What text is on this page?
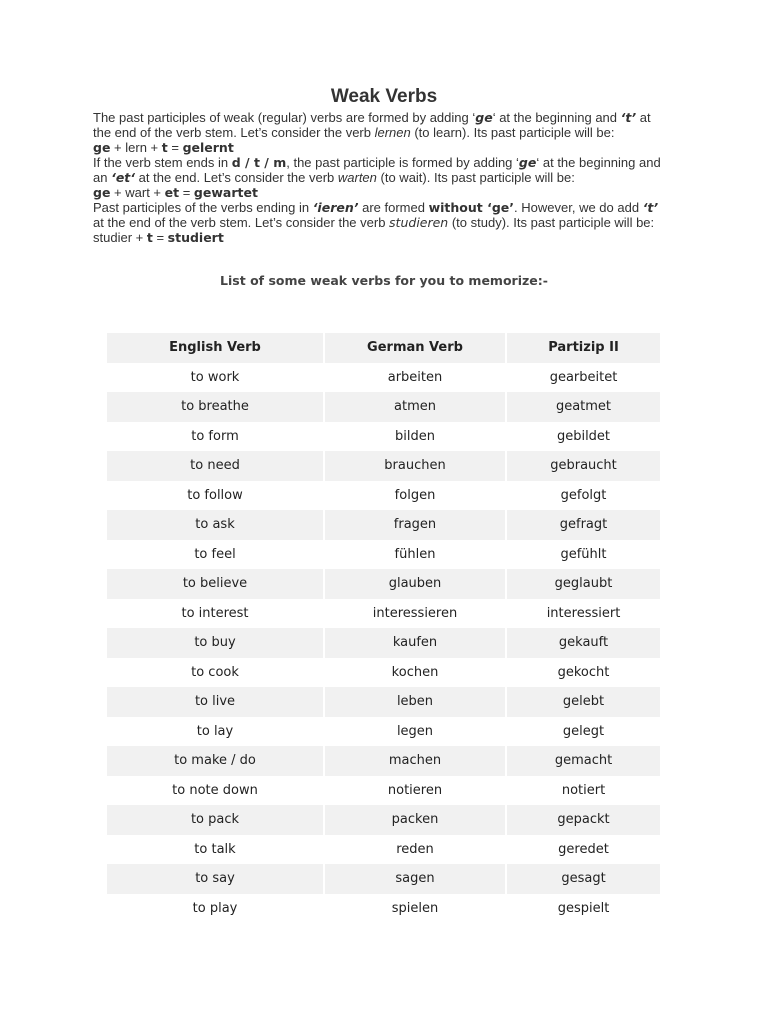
Weak Verbs

The past participles of weak (regular) verbs are formed by adding ‘ge‘ at the beginning and ‘t’ at the end of the verb stem. Let’s consider the verb lernen (to learn). Its past participle will be:

ge + lern + t = gelernt

If the verb stem ends in d / t / m, the past participle is formed by adding ‘ge‘ at the beginning and an ‘et‘ at the end. Let’s consider the verb warten (to wait). Its past participle will be:

ge + wart + et = gewartet

Past participles of the verbs ending in ‘ieren’ are formed without ‘ge’. However, we do add ‘t’ at the end of the verb stem. Let’s consider the verb studieren (to study). Its past participle will be:

studier + t = studiert

List of some weak verbs for you to memorize:-
English Verb	German Verb	Partizip II
to work	arbeiten	gearbeitet
to breathe	atmen	geatmet
to form	bilden	gebildet
to need	brauchen	gebraucht
to follow	folgen	gefolgt
to ask	fragen	gefragt
to feel	fühlen	gefühlt
to believe	glauben	geglaubt
to interest	interessieren	interessiert
to buy	kaufen	gekauft
to cook	kochen	gekocht
to live	leben	gelebt
to lay	legen	gelegt
to make / do	machen	gemacht
to note down	notieren	notiert
to pack	packen	gepackt
to talk	reden	geredet
to say	sagen	gesagt
to play	spielen	gespielt
